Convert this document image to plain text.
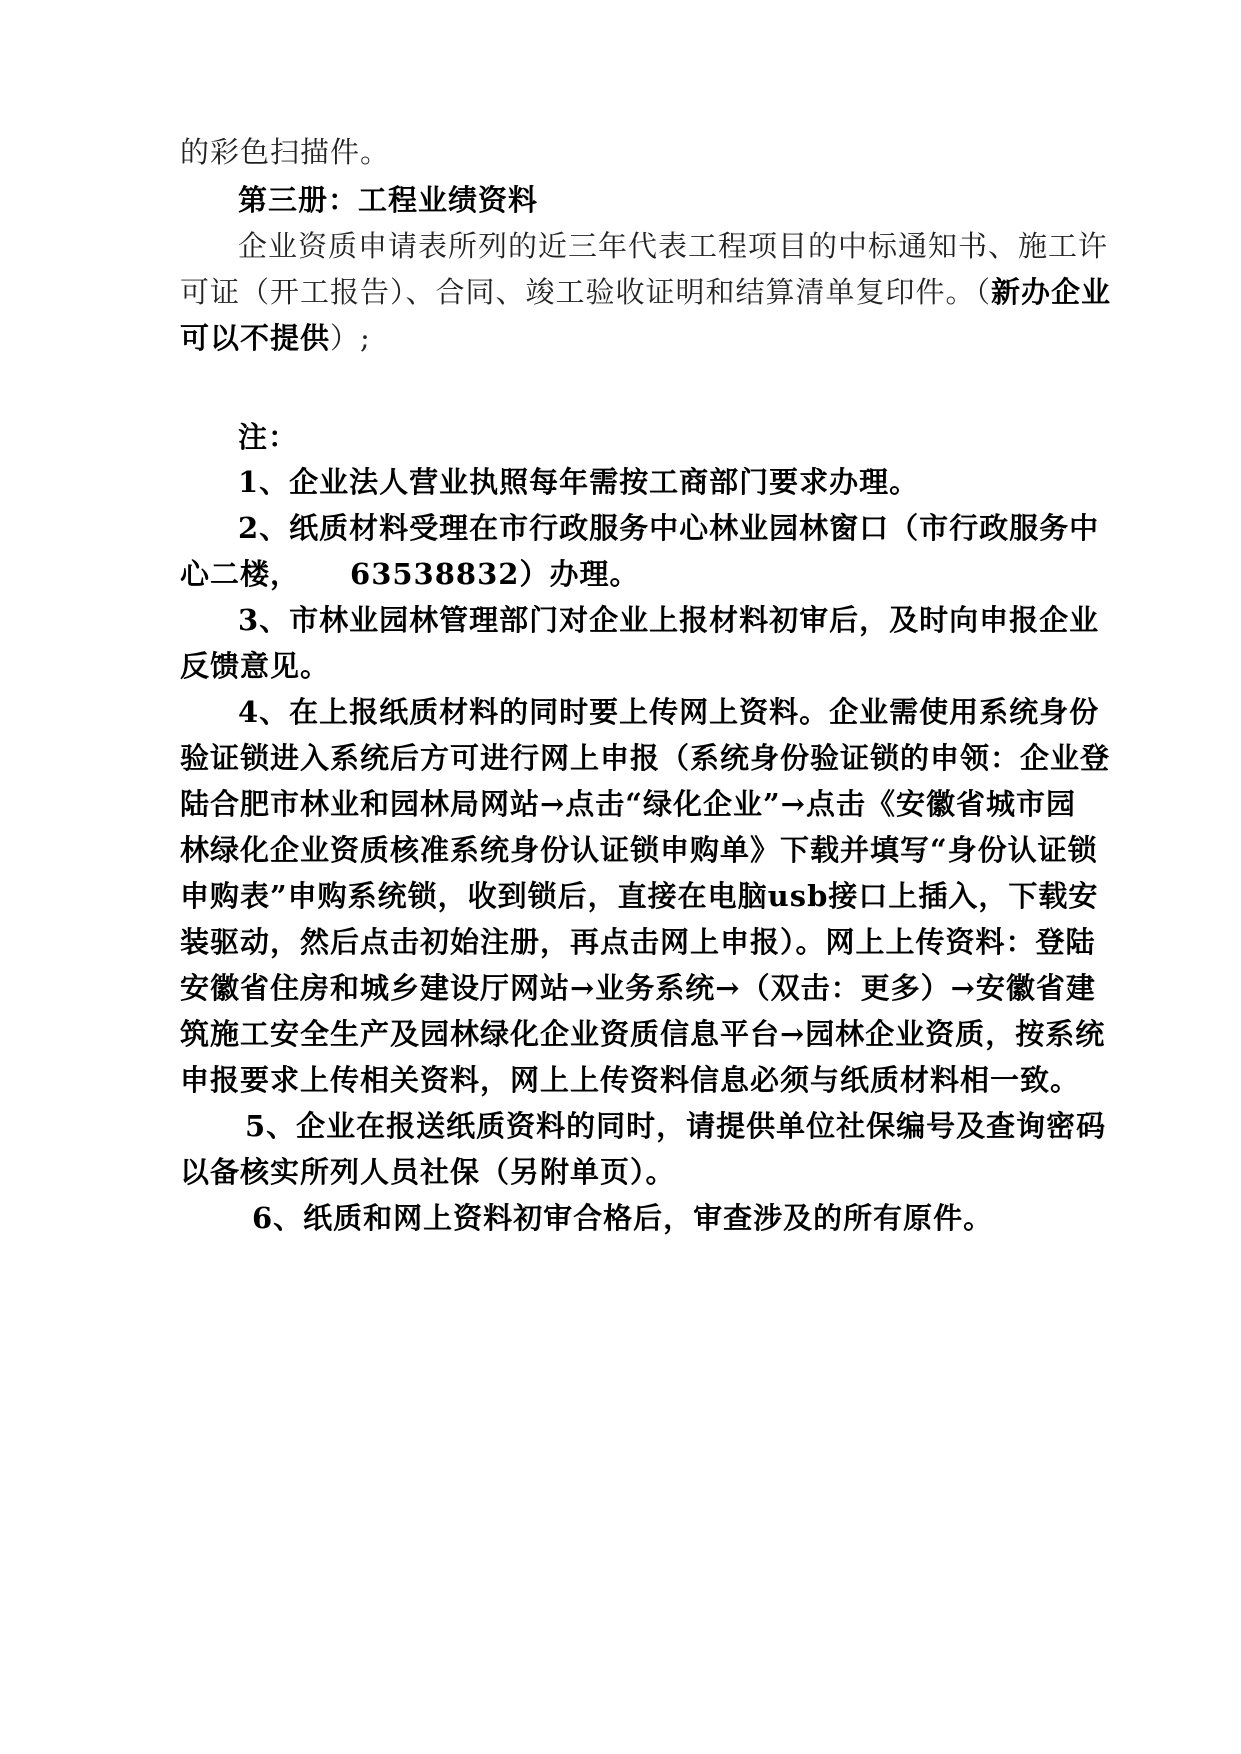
的彩色扫描件。
第三册：工程业绩资料
企业资质申请表所列的近三年代表工程项目的中标通知书、施工许
可证（开工报告）、合同、竣工验收证明和结算清单复印件。（新办企业
可以不提供）;
注：
1、企业法人营业执照每年需按工商部门要求办理。
2、纸质材料受理在市行政服务中心林业园林窗口（市行政服务中
心二楼， 63538832）办理。
3、市林业园林管理部门对企业上报材料初审后，及时向申报企业
反馈意见。
4、在上报纸质材料的同时要上传网上资料。企业需使用系统身份
验证锁进入系统后方可进行网上申报（系统身份验证锁的申领：企业登
陆合肥市林业和园林局网站→点击“绿化企业”→点击《安徽省城市园
林绿化企业资质核准系统身份认证锁申购单》下载并填写“身份认证锁
申购表”申购系统锁，收到锁后，直接在电脑usb接口上插入，下载安
装驱动，然后点击初始注册，再点击网上申报）。网上上传资料：登陆
安徽省住房和城乡建设厅网站→业务系统→（双击：更多）→安徽省建
筑施工安全生产及园林绿化企业资质信息平台→园林企业资质，按系统
申报要求上传相关资料，网上上传资料信息必须与纸质材料相一致。
5、企业在报送纸质资料的同时，请提供单位社保编号及查询密码
以备核实所列人员社保（另附单页）。
6、纸质和网上资料初审合格后，审查涉及的所有原件。
